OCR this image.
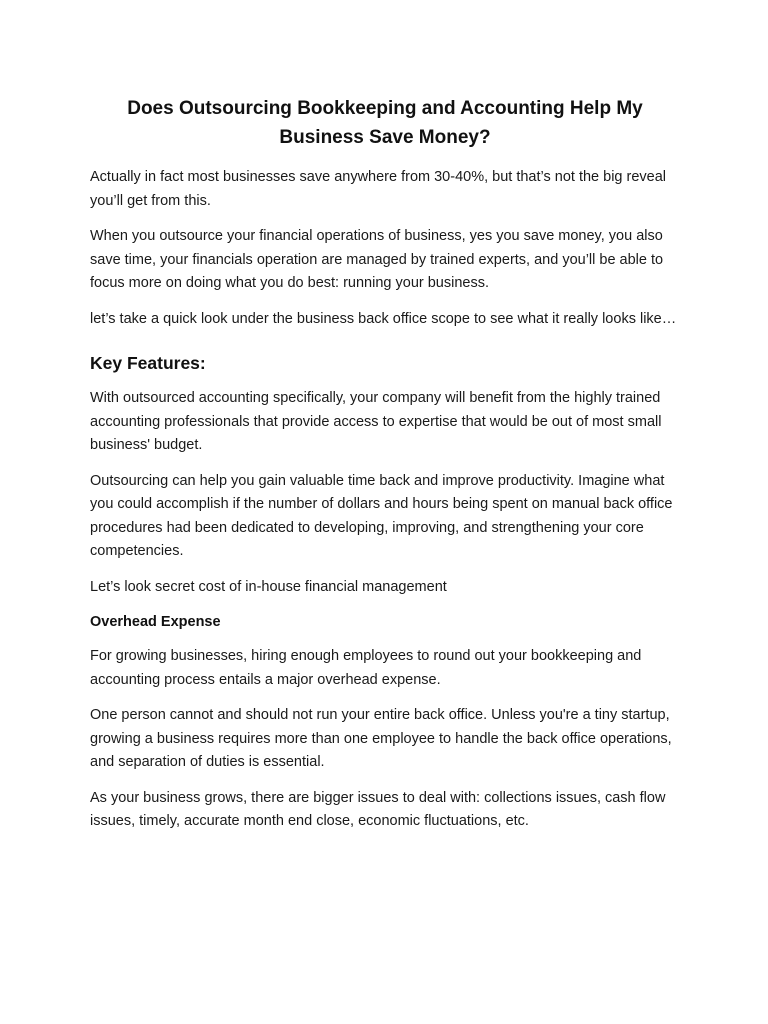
Does Outsourcing Bookkeeping and Accounting Help My Business Save Money?

Actually in fact most businesses save anywhere from 30-40%, but that’s not the big reveal you’ll get from this.

When you outsource your financial operations of business, yes you save money, you also save time, your financials operation are managed by trained experts, and you’ll be able to focus more on doing what you do best: running your business.

let’s take a quick look under the business back office scope to see what it really looks like…

Key Features:

With outsourced accounting specifically, your company will benefit from the highly trained accounting professionals that provide access to expertise that would be out of most small business' budget.

Outsourcing can help you gain valuable time back and improve productivity. Imagine what you could accomplish if the number of dollars and hours being spent on manual back office procedures had been dedicated to developing, improving, and strengthening your core competencies.

Let’s look secret cost of in-house financial management

Overhead Expense

For growing businesses, hiring enough employees to round out your bookkeeping and accounting process entails a major overhead expense.

One person cannot and should not run your entire back office. Unless you're a tiny startup, growing a business requires more than one employee to handle the back office operations, and separation of duties is essential.

As your business grows, there are bigger issues to deal with: collections issues, cash flow issues, timely, accurate month end close, economic fluctuations, etc.
